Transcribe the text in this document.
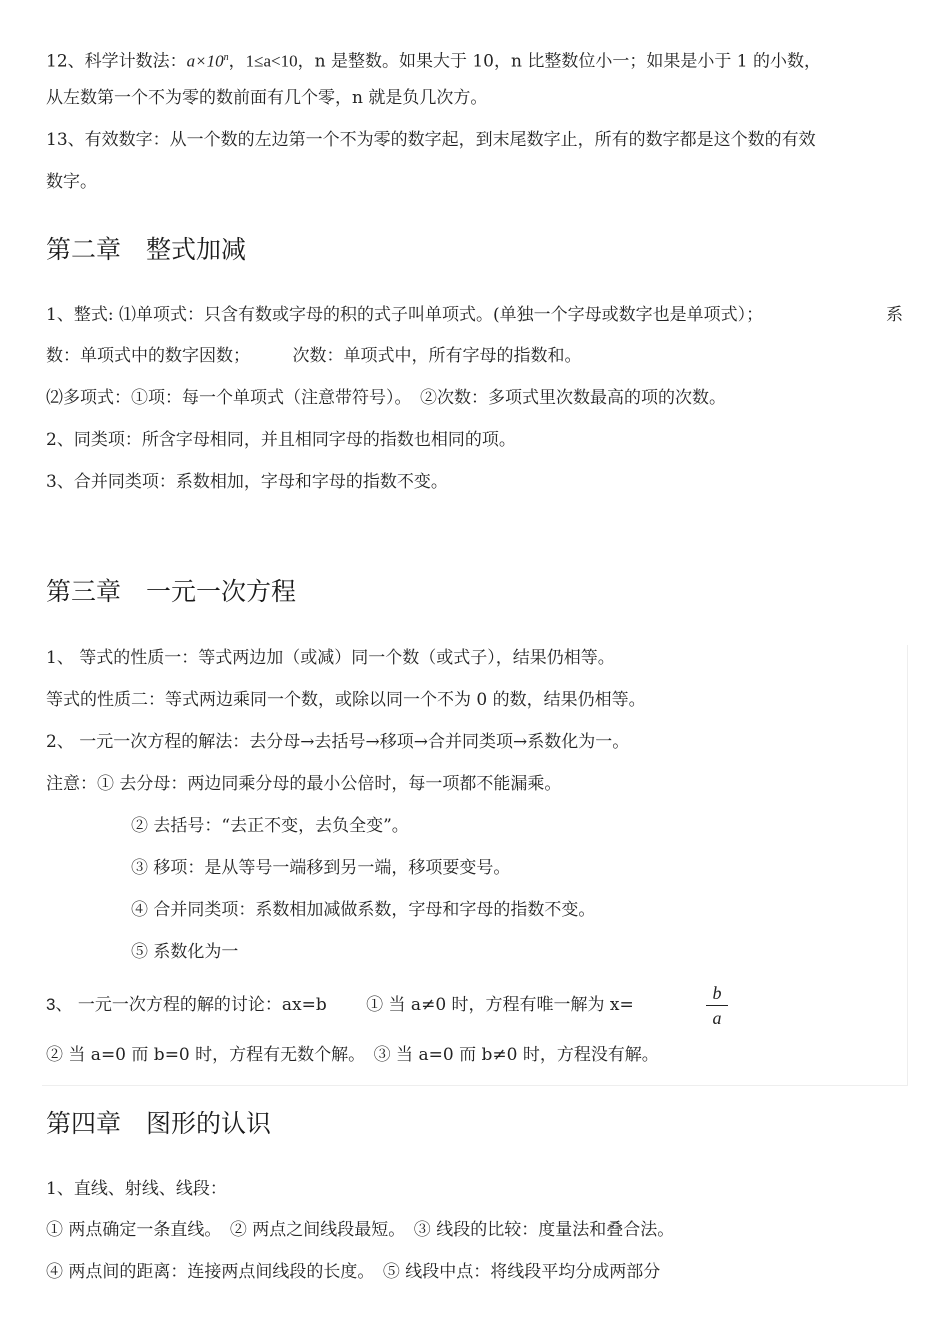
12、科学计数法：$a\times 10^n$，1≤a<10，n 是整数。如果大于 10，n 比整数位小一；如果是小于 1 的小数，
从左数第一个不为零的数前面有几个零，n 就是负几次方。
13、有效数字：从一个数的左边第一个不为零的数字起，到末尾数字止，所有的数字都是这个数的有效
数字。
第二章　整式加减
1、整式: ⑴单项式：只含有数或字母的积的式子叫单项式。(单独一个字母或数字也是单项式）；	系
数：单项式中的数字因数；　　　次数：单项式中，所有字母的指数和。
⑵多项式：①项：每一个单项式（注意带符号）。　②次数：多项式里次数最高的项的次数。
2、同类项：所含字母相同，并且相同字母的指数也相同的项。
3、合并同类项：系数相加，字母和字母的指数不变。
第三章　一元一次方程
1、 等式的性质一：等式两边加（或减）同一个数（或式子），结果仍相等。
等式的性质二：等式两边乘同一个数，或除以同一个不为 0 的数，结果仍相等。
2、 一元一次方程的解法：去分母→去括号→移项→合并同类项→系数化为一。
注意：① 去分母：两边同乘分母的最小公倍时，每一项都不能漏乘。
② 去括号：“去正不变，去负全变”。
③ 移项：是从等号一端移到另一端，移项要变号。
④ 合并同类项：系数相加减做系数，字母和字母的指数不变。
⑤ 系数化为一
3、 一元一次方程的解的讨论：ax=b　　 ① 当 a≠0 时，方程有唯一解为 x=
b
a
② 当 a=0 而 b=0 时，方程有无数个解。　③ 当 a=0 而 b≠0 时，方程没有解。
第四章　图形的认识
1、直线、射线、线段：
① 两点确定一条直线。　② 两点之间线段最短。　③ 线段的比较：度量法和叠合法。
④ 两点间的距离：连接两点间线段的长度。　⑤ 线段中点：将线段平均分成两部分
